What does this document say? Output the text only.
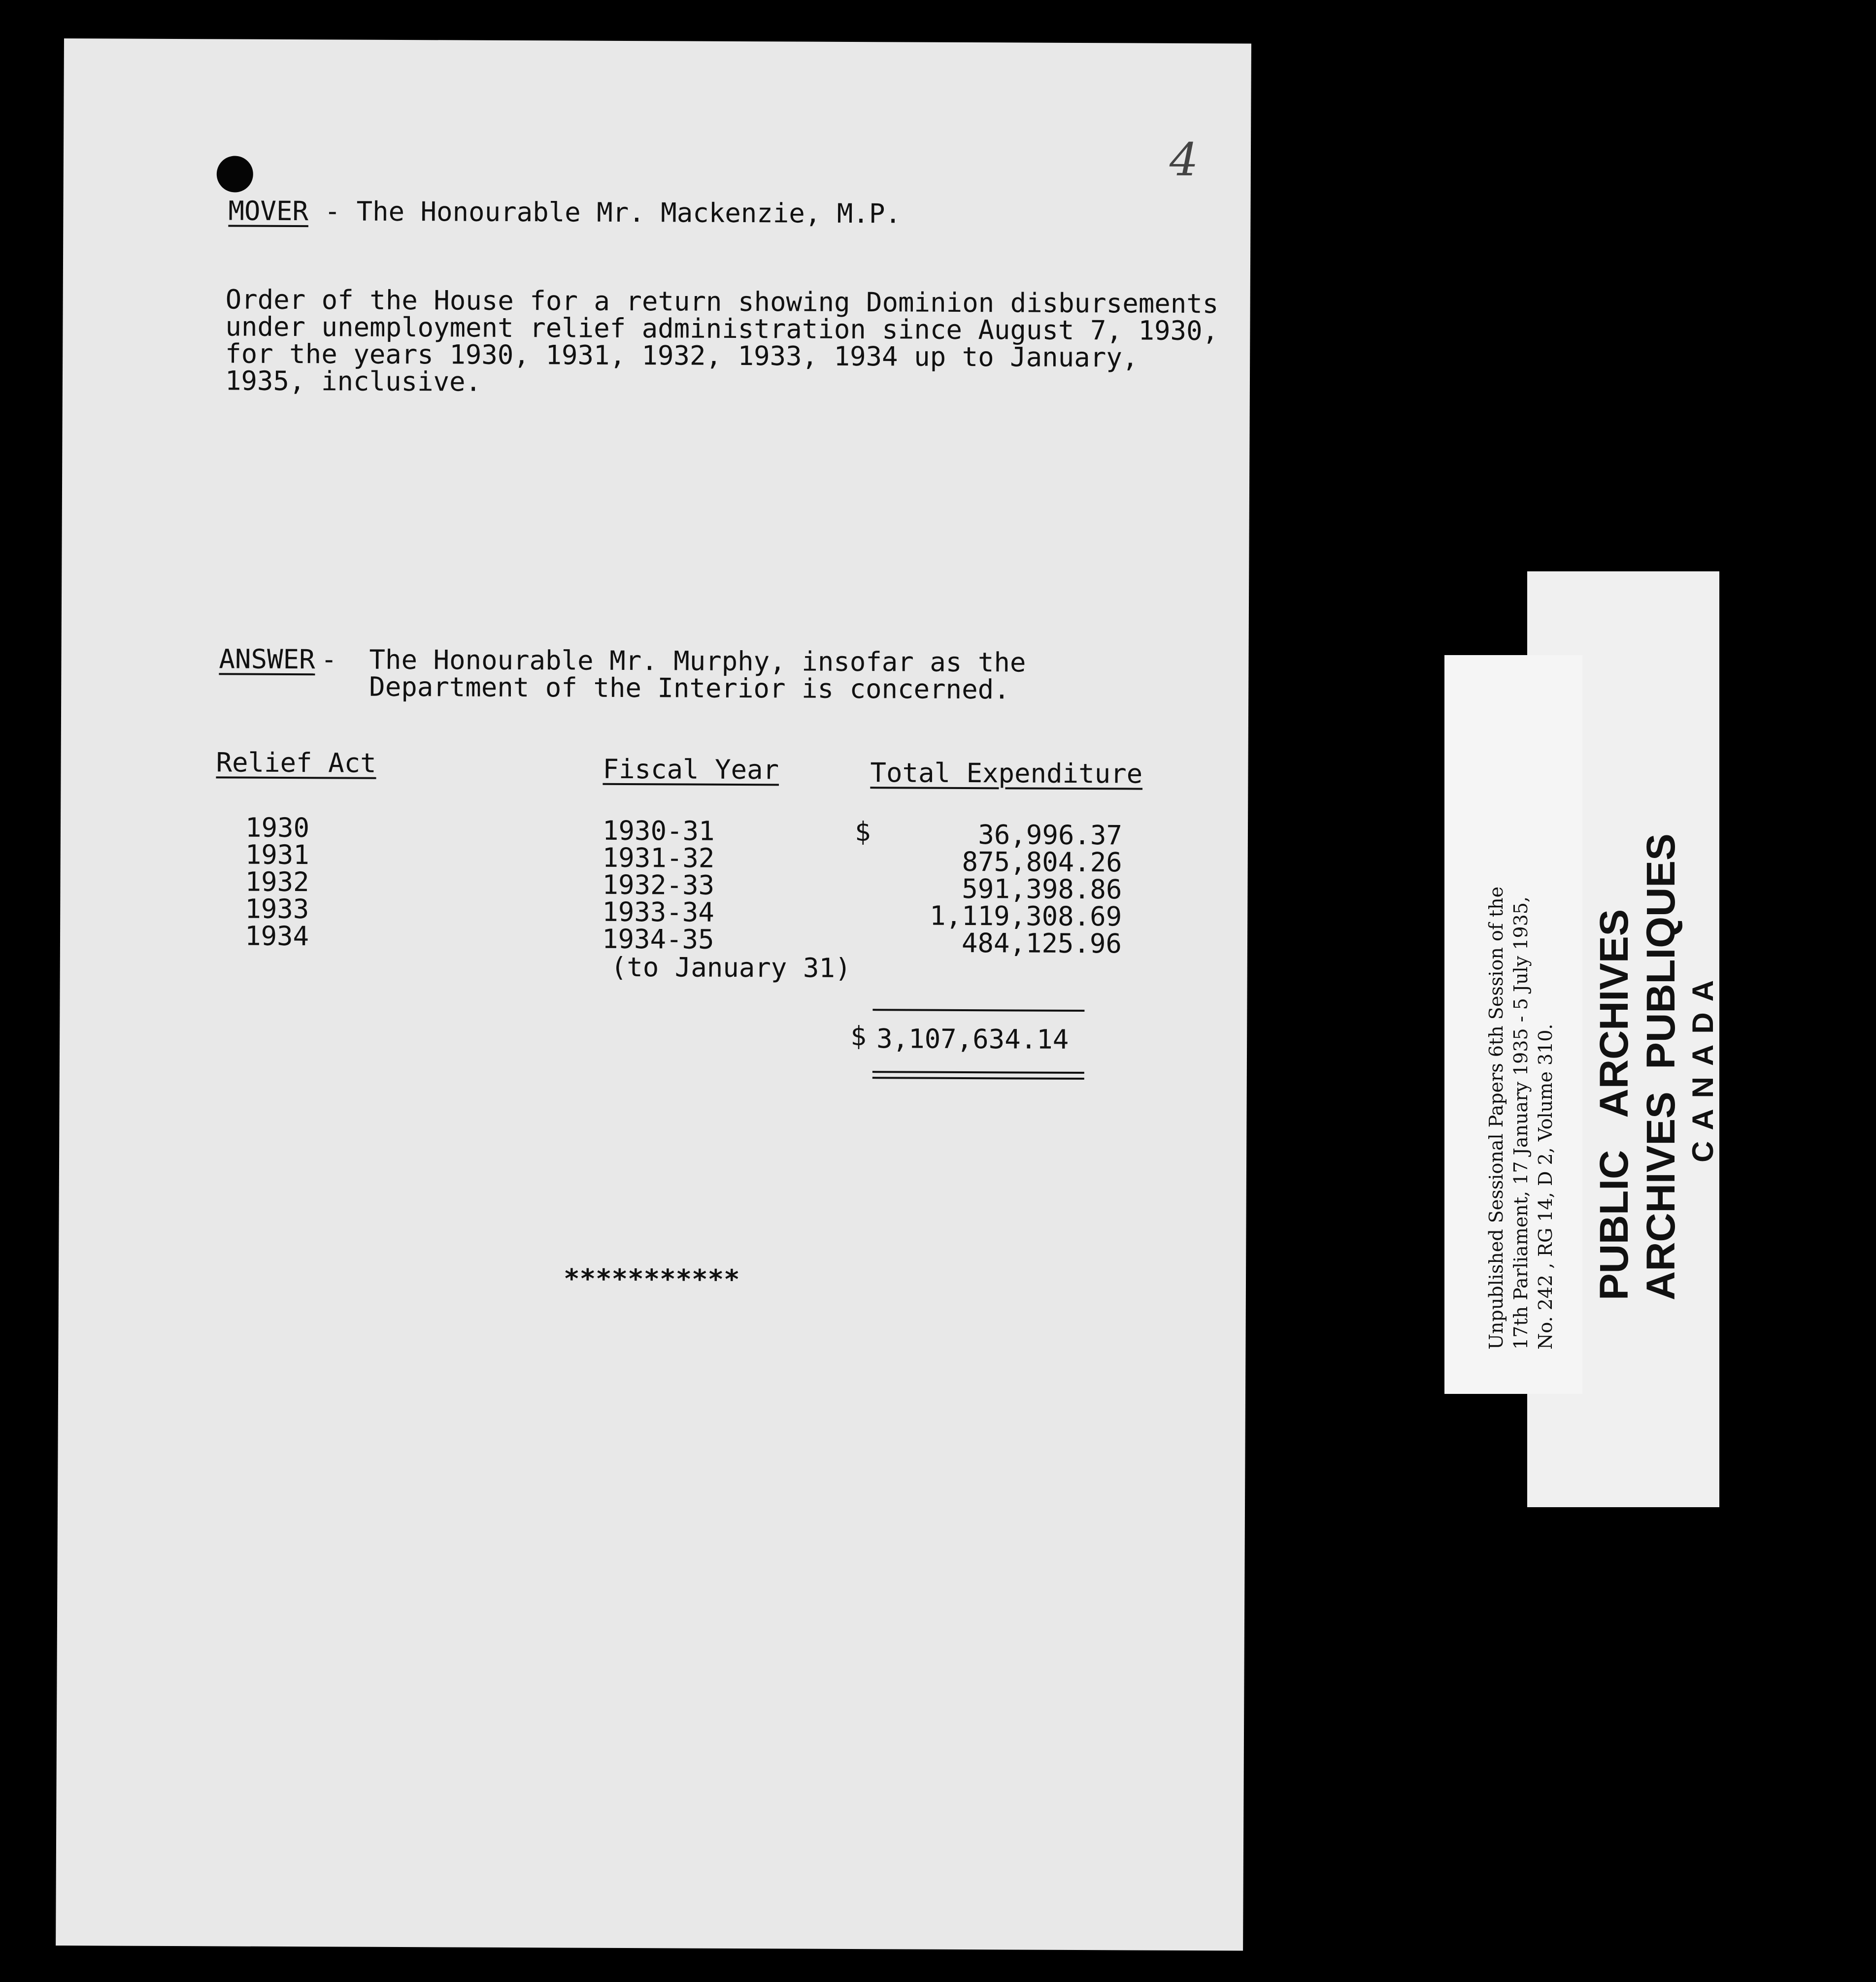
4
MOVER - The Honourable Mr. Mackenzie, M.P.
Order of the House for a return showing Dominion disbursements
under unemployment relief administration since August 7, 1930,
for the years 1930, 1931, 1932, 1933, 1934 up to January,
1935, inclusive.
ANSWER - The Honourable Mr. Murphy, insofar as the
Department of the Interior is concerned.
Relief Act	Fiscal Year	Total Expenditure
1930	1930-31	$	36,996.37
1931	1931-32	875,804.26
1932	1932-33	591,398.86
1933	1933-34	1,119,308.69
1934	1934-35	484,125.96
(to January 31)
$ 3,107,634.14
***********	PUBLIC   ARCHIVES ARCHIVES  PUBLIQUES CANADA
Unpublished Sessional Papers 6th Session of the 17th Parliament, 17 January 1935 - 5 July 1935, No. 242 , RG 14, D 2, Volume 310.
